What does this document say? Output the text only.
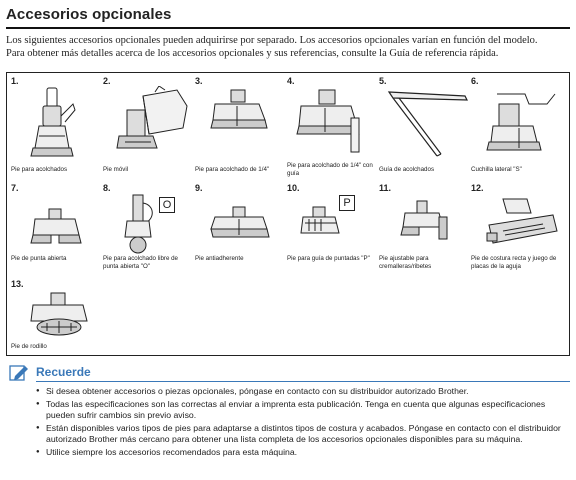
Accesorios opcionales
Los siguientes accesorios opcionales pueden adquirirse por separado. Los accesorios opcionales varían en función del modelo.
Para obtener más detalles acerca de los accesorios opcionales y sus referencias, consulte la Guía de referencia rápida.
1.
Pie para acolchados
2.
Pie móvil
3.
Pie para acolchado de 1/4"
4.
Pie para acolchado de 1/4" con guía
5.
Guía de acolchados
6.
Cuchilla lateral "S"
7.
Pie de punta abierta
8.
O
Pie para acolchado libre de punta abierta "O"
9.
Pie antiadherente
10.
P
Pie para guía de puntadas "P"
11.
Pie ajustable para cremalleras/ribetes
12.
Pie de costura recta y juego de placas de la aguja
13.
Pie de rodillo
Recuerde
● Si desea obtener accesorios o piezas opcionales, póngase en contacto con su distribuidor autorizado Brother.
● Todas las especificaciones son las correctas al enviar a imprenta esta publicación. Tenga en cuenta que algunas especificaciones pueden sufrir cambios sin previo aviso.
● Están disponibles varios tipos de pies para adaptarse a distintos tipos de costura y acabados. Póngase en contacto con el distribuidor autorizado Brother más cercano para obtener una lista completa de los accesorios opcionales disponibles para su máquina.
● Utilice siempre los accesorios recomendados para esta máquina.
